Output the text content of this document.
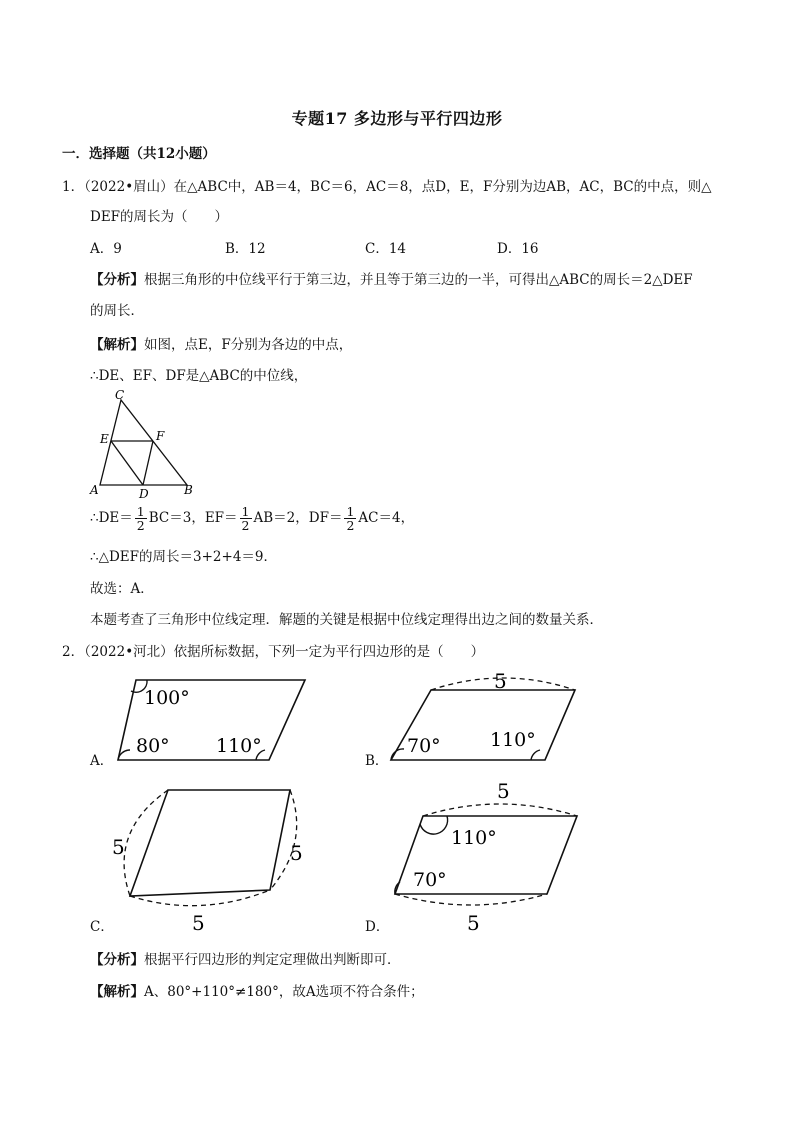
专题17 多边形与平行四边形
一．选择题（共12小题）
1．（2022•眉山）在△ABC中，AB＝4，BC＝6，AC＝8，点D，E，F分别为边AB，AC，BC的中点，则△
DEF的周长为（　　）
A．9	B．12	C．14	D．16
【分析】根据三角形的中位线平行于第三边，并且等于第三边的一半，可得出△ABC的周长＝2△DEF
的周长．
【解析】如图，点E，F分别为各边的中点，
∴DE、EF、DF是△ABC的中位线，
A	B
C
D
E	F
∴DE＝ $\frac{1}{2} BC=3$，$EF= \frac{1}{2} AB=2$，$DF= \frac{1}{2} AC=4$，
∴△DEF的周长＝3+2+4＝9．
故选：A．
本题考查了三角形中位线定理．解题的关键是根据中位线定理得出边之间的数量关系．
2．（2022•河北）依据所标数据，下列一定为平行四边形的是（　　）
A．
100°
80° 110°
B．
5
70°	110°
C．
5	5
5	D．
5
5
110°
70°
【分析】根据平行四边形的判定定理做出判断即可．
【解析】A、80°+110°≠180°，故A选项不符合条件；
